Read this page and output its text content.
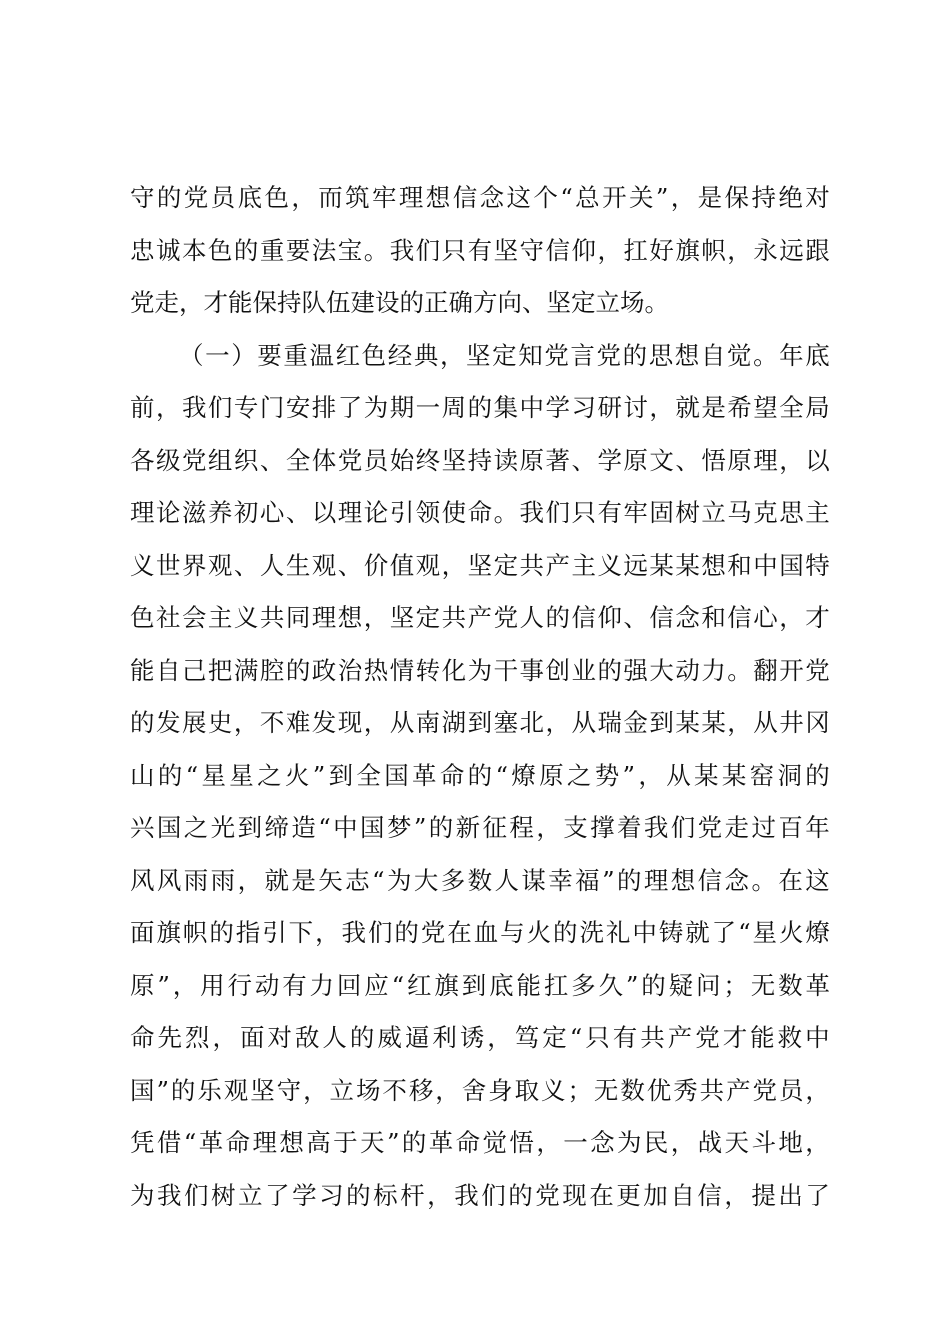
守 的 党 员 底 色 ， 而 筑 牢 理 想 信 念 这 个 “ 总 开 关 ” ， 是 保 持 绝 对
忠 诚 本 色 的 重 要 法 宝 。 我 们 只 有 坚 守 信 仰 ， 扛 好 旗 帜 ， 永 远 跟
党 走 ， 才 能 保 持 队 伍 建 设 的 正 确 方 向 、 坚 定 立 场 。
（ 一 ） 要 重 温 红 色 经 典 ， 坚 定 知 党 言 党 的 思 想 自 觉 。 年 底
前 ， 我 们 专 门 安 排 了 为 期 一 周 的 集 中 学 习 研 讨 ， 就 是 希 望 全 局
各 级 党 组 织 、 全 体 党 员 始 终 坚 持 读 原 著 、 学 原 文 、 悟 原 理 ， 以
理 论 滋 养 初 心 、 以 理 论 引 领 使 命 。 我 们 只 有 牢 固 树 立 马 克 思 主
义 世 界 观 、 人 生 观 、 价 值 观 ， 坚 定 共 产 主 义 远 某 某 想 和 中 国 特
色 社 会 主 义 共 同 理 想 ， 坚 定 共 产 党 人 的 信 仰 、 信 念 和 信 心 ， 才
能 自 己 把 满 腔 的 政 治 热 情 转 化 为 干 事 创 业 的 强 大 动 力 。 翻 开 党
的 发 展 史 ， 不 难 发 现 ， 从 南 湖 到 塞 北 ， 从 瑞 金 到 某 某 ， 从 井 冈
山 的 “ 星 星 之 火 ” 到 全 国 革 命 的 “ 燎 原 之 势 ” ， 从 某 某 窑 洞 的
兴 国 之 光 到 缔 造 “ 中 国 梦 ” 的 新 征 程 ， 支 撑 着 我 们 党 走 过 百 年
风 风 雨 雨 ， 就 是 矢 志 “ 为 大 多 数 人 谋 幸 福 ” 的 理 想 信 念 。 在 这
面 旗 帜 的 指 引 下 ， 我 们 的 党 在 血 与 火 的 洗 礼 中 铸 就 了 “ 星 火 燎
原 ” ， 用 行 动 有 力 回 应 “ 红 旗 到 底 能 扛 多 久 ” 的 疑 问 ； 无 数 革
命 先 烈 ， 面 对 敌 人 的 威 逼 利 诱 ， 笃 定 “ 只 有 共 产 党 才 能 救 中
国 ” 的 乐 观 坚 守 ， 立 场 不 移 ， 舍 身 取 义 ； 无 数 优 秀 共 产 党 员 ，
凭 借 “ 革 命 理 想 高 于 天 ” 的 革 命 觉 悟 ， 一 念 为 民 ， 战 天 斗 地 ，
为 我 们 树 立 了 学 习 的 标 杆 ， 我 们 的 党 现 在 更 加 自 信 ， 提 出 了
